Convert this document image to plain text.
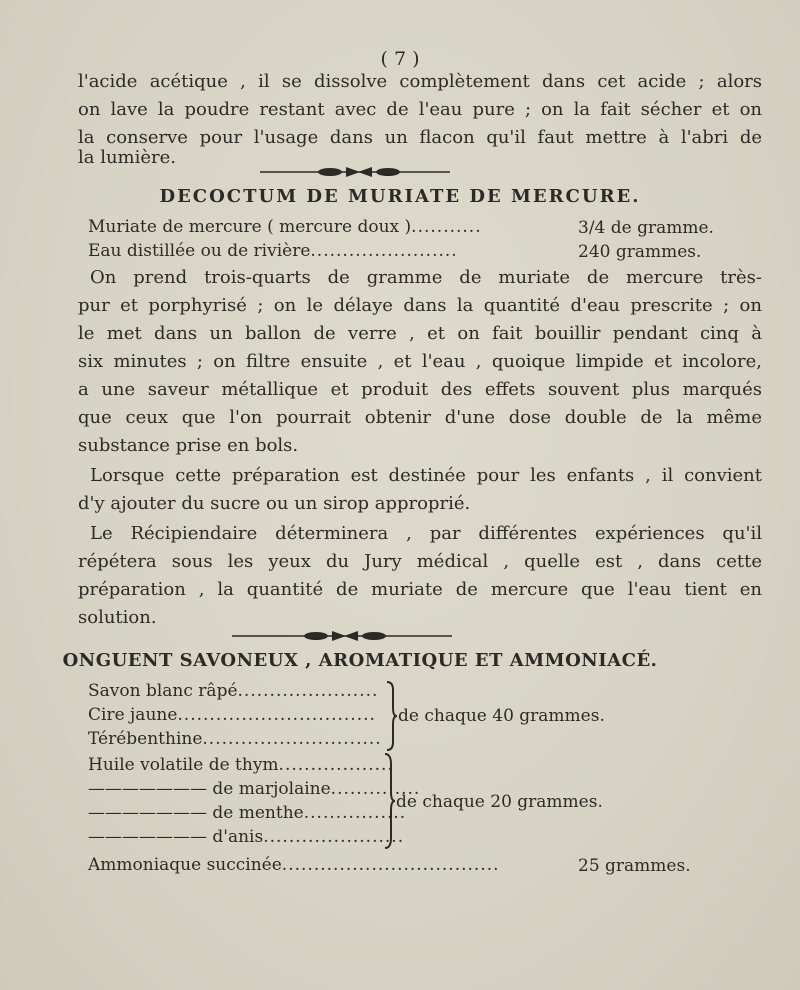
( 7 )
l'acide acétique , il se dissolve complètement dans cet acide ; alors
on lave la poudre restant avec de l'eau pure ; on la fait sécher et on
la conserve pour l'usage dans un flacon qu'il faut mettre à l'abri de
la lumière.
DECOCTUM DE MURIATE DE MERCURE.
Muriate de mercure ( mercure doux )...........	3/4 de gramme.
Eau distillée ou de rivière.......................	240 grammes.
On prend trois-quarts de gramme de muriate de mercure très-
pur et porphyrisé ; on le délaye dans la quantité d'eau prescrite ; on
le met dans un ballon de verre , et on fait bouillir pendant cinq à
six minutes ; on filtre ensuite , et l'eau , quoique limpide et incolore,
a une saveur métallique et produit des effets souvent plus marqués
que ceux que l'on pourrait obtenir d'une dose double de la même
substance prise en bols.
Lorsque cette préparation est destinée pour les enfants , il convient
d'y ajouter du sucre ou un sirop approprié.
Le Récipiendaire déterminera , par différentes expériences qu'il
répétera sous les yeux du Jury médical , quelle est , dans cette
préparation , la quantité de muriate de mercure que l'eau tient en
solution.
ONGUENT SAVONEUX , AROMATIQUE ET AMMONIACÉ.
Savon blanc râpé......................
Cire jaune...............................
Térébenthine............................
de chaque 40 grammes.
Huile volatile de thym..................
——————— de marjolaine..............
——————— de menthe................
——————— d'anis......................
de chaque 20 grammes.
Ammoniaque succinée..................................	25 grammes.
